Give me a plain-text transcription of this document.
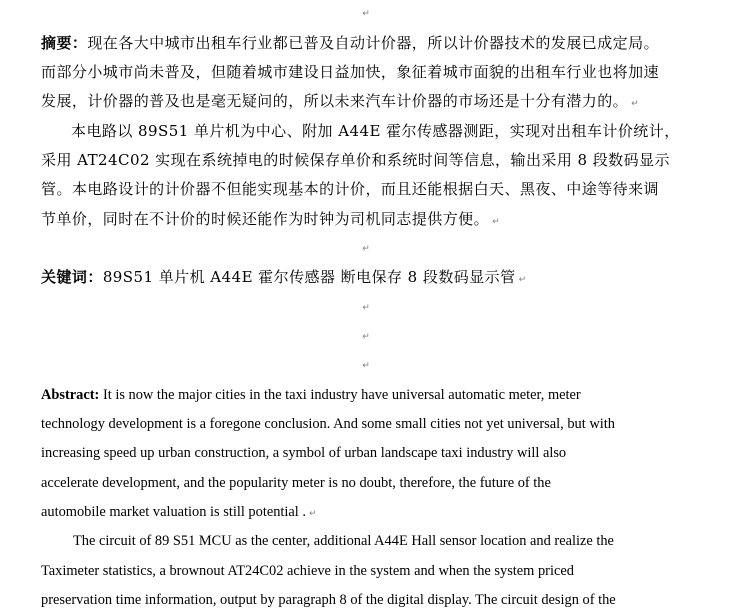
↵
摘要：现在各大中城市出租车行业都已普及自动计价器，所以计价器技术的发展已成定局。
而部分小城市尚未普及，但随着城市建设日益加快，象征着城市面貌的出租车行业也将加速
发展，计价器的普及也是毫无疑问的，所以未来汽车计价器的市场还是十分有潜力的。 ↵
本电路以 89S51 单片机为中心、附加 A44E 霍尔传感器测距，实现对出租车计价统计，
采用 AT24C02 实现在系统掉电的时候保存单价和系统时间等信息，输出采用 8 段数码显示
管。本电路设计的计价器不但能实现基本的计价，而且还能根据白天、黑夜、中途等待来调
节单价，同时在不计价的时候还能作为时钟为司机同志提供方便。 ↵
↵
关键词：89S51 单片机 A44E 霍尔传感器 断电保存 8 段数码显示管 ↵
↵
↵
↵
Abstract: It is now the major cities in the taxi industry have universal automatic meter, meter
technology development is a foregone conclusion. And some small cities not yet universal, but with
increasing speed up urban construction, a symbol of urban landscape taxi industry will also
accelerate development, and the popularity meter is no doubt, therefore, the future of the
automobile market valuation is still potential . ↵
The circuit of 89 S51 MCU as the center, additional A44E Hall sensor location and realize the
Taximeter statistics, a brownout AT24C02 achieve in the system and when the system priced
preservation time information, output by paragraph 8 of the digital display. The circuit design of the
